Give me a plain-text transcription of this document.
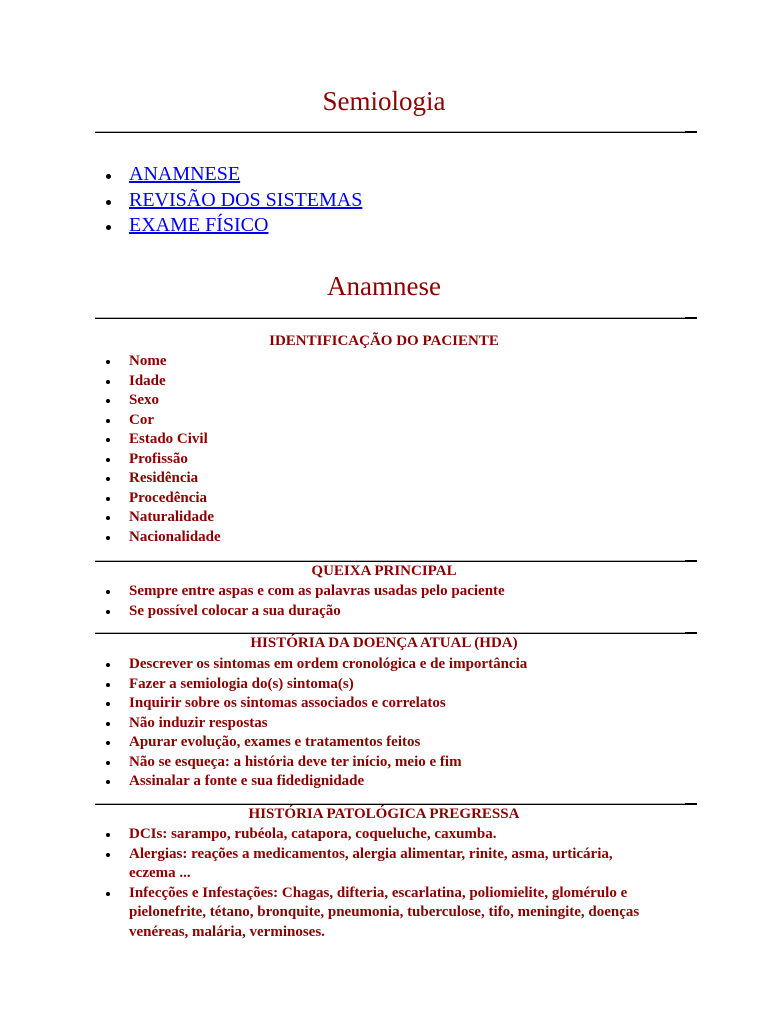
Semiologia
ANAMNESE
REVISÃO DOS SISTEMAS
EXAME FÍSICO
Anamnese
IDENTIFICAÇÃO DO PACIENTE
Nome
Idade
Sexo
Cor
Estado Civil
Profissão
Residência
Procedência
Naturalidade
Nacionalidade
QUEIXA PRINCIPAL
Sempre entre aspas e com as palavras usadas pelo paciente
Se possível colocar a sua duração
HISTÓRIA DA DOENÇA ATUAL (HDA)
Descrever os sintomas em ordem cronológica e de importância
Fazer a semiologia do(s) sintoma(s)
Inquirir sobre os sintomas associados e correlatos
Não induzir respostas
Apurar evolução, exames e tratamentos feitos
Não se esqueça: a história deve ter início, meio e fim
Assinalar a fonte e sua fidedignidade
HISTÓRIA PATOLÓGICA PREGRESSA
DCIs: sarampo, rubéola, catapora, coqueluche, caxumba.
Alergias: reações a medicamentos, alergia alimentar, rinite, asma, urticária, eczema ...
Infecções e Infestações: Chagas, difteria, escarlatina, poliomielite, glomérulo e pielonefrite, tétano, bronquite, pneumonia, tuberculose, tifo, meningite, doenças venéreas, malária, verminoses.
